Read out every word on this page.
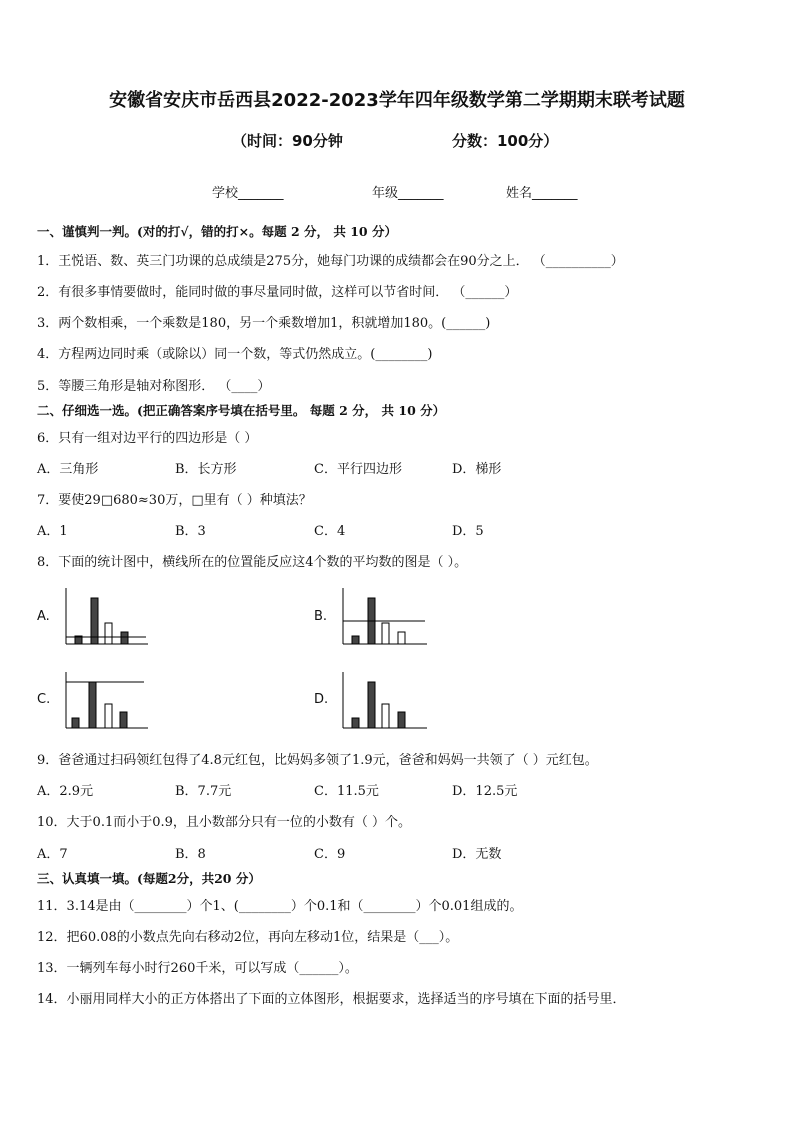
安徽省安庆市岳西县2022-2023学年四年级数学第二学期期末联考试题
（时间：90分钟	分数：100分）
学校_______	年级_______	姓名_______
一、谨慎判一判。(对的打√，错的打×。每题 2 分， 共 10 分）
1．王悦语、数、英三门功课的总成绩是275分，她每门功课的成绩都会在90分之上． （__________）
2．有很多事情要做时，能同时做的事尽量同时做，这样可以节省时间． （______）
3．两个数相乘，一个乘数是180，另一个乘数增加1，积就增加180。(______)
4．方程两边同时乘（或除以）同一个数，等式仍然成立。(________)
5．等腰三角形是轴对称图形． （____）
二、仔细选一选。(把正确答案序号填在括号里。 每题 2 分， 共 10 分）
6．只有一组对边平行的四边形是（ ）
A．三角形	B．长方形	C．平行四边形	D．梯形
7．要使29□680≈30万，□里有（ ）种填法？
A．1	B．3	C．4	D．5
8．下面的统计图中，横线所在的位置能反应这4个数的平均数的图是（ ）。
A.	B.
C.	D.
9．爸爸通过扫码领红包得了4.8元红包，比妈妈多领了1.9元，爸爸和妈妈一共领了（ ）元红包。
A．2.9元	B．7.7元	C．11.5元	D．12.5元
10．大于0.1而小于0.9，且小数部分只有一位的小数有（ ）个。
A．7	B．8	C．9	D．无数
三、认真填一填。(每题2分，共20 分）
11．3.14是由（________）个1、(________）个0.1和（________）个0.01组成的。
12．把60.08的小数点先向右移动2位，再向左移动1位，结果是（___）。
13．一辆列车每小时行260千米，可以写成（______）。
14．小丽用同样大小的正方体搭出了下面的立体图形，根据要求，选择适当的序号填在下面的括号里．
